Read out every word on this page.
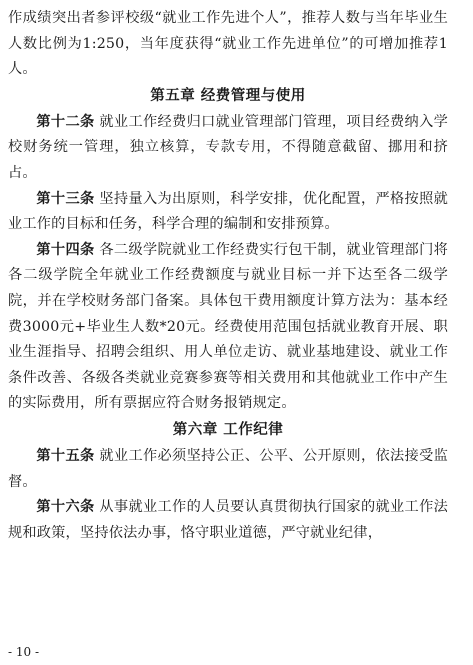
作成绩突出者参评校级“就业工作先进个人”，推荐人数与当年毕业生人数比例为1:250，当年度获得“就业工作先进单位”的可增加推荐1人。

第五章 经费管理与使用

第十二条 就业工作经费归口就业管理部门管理，项目经费纳入学校财务统一管理，独立核算，专款专用，不得随意截留、挪用和挤占。

第十三条 坚持量入为出原则，科学安排，优化配置，严格按照就业工作的目标和任务，科学合理的编制和安排预算。

第十四条 各二级学院就业工作经费实行包干制，就业管理部门将各二级学院全年就业工作经费额度与就业目标一并下达至各二级学院，并在学校财务部门备案。具体包干费用额度计算方法为：基本经费3000元+毕业生人数*20元。经费使用范围包括就业教育开展、职业生涯指导、招聘会组织、用人单位走访、就业基地建设、就业工作条件改善、各级各类就业竞赛参赛等相关费用和其他就业工作中产生的实际费用，所有票据应符合财务报销规定。

第六章 工作纪律

第十五条 就业工作必须坚持公正、公平、公开原则，依法接受监督。

第十六条 从事就业工作的人员要认真贯彻执行国家的就业工作法规和政策，坚持依法办事，恪守职业道德，严守就业纪律，

- 10 -
